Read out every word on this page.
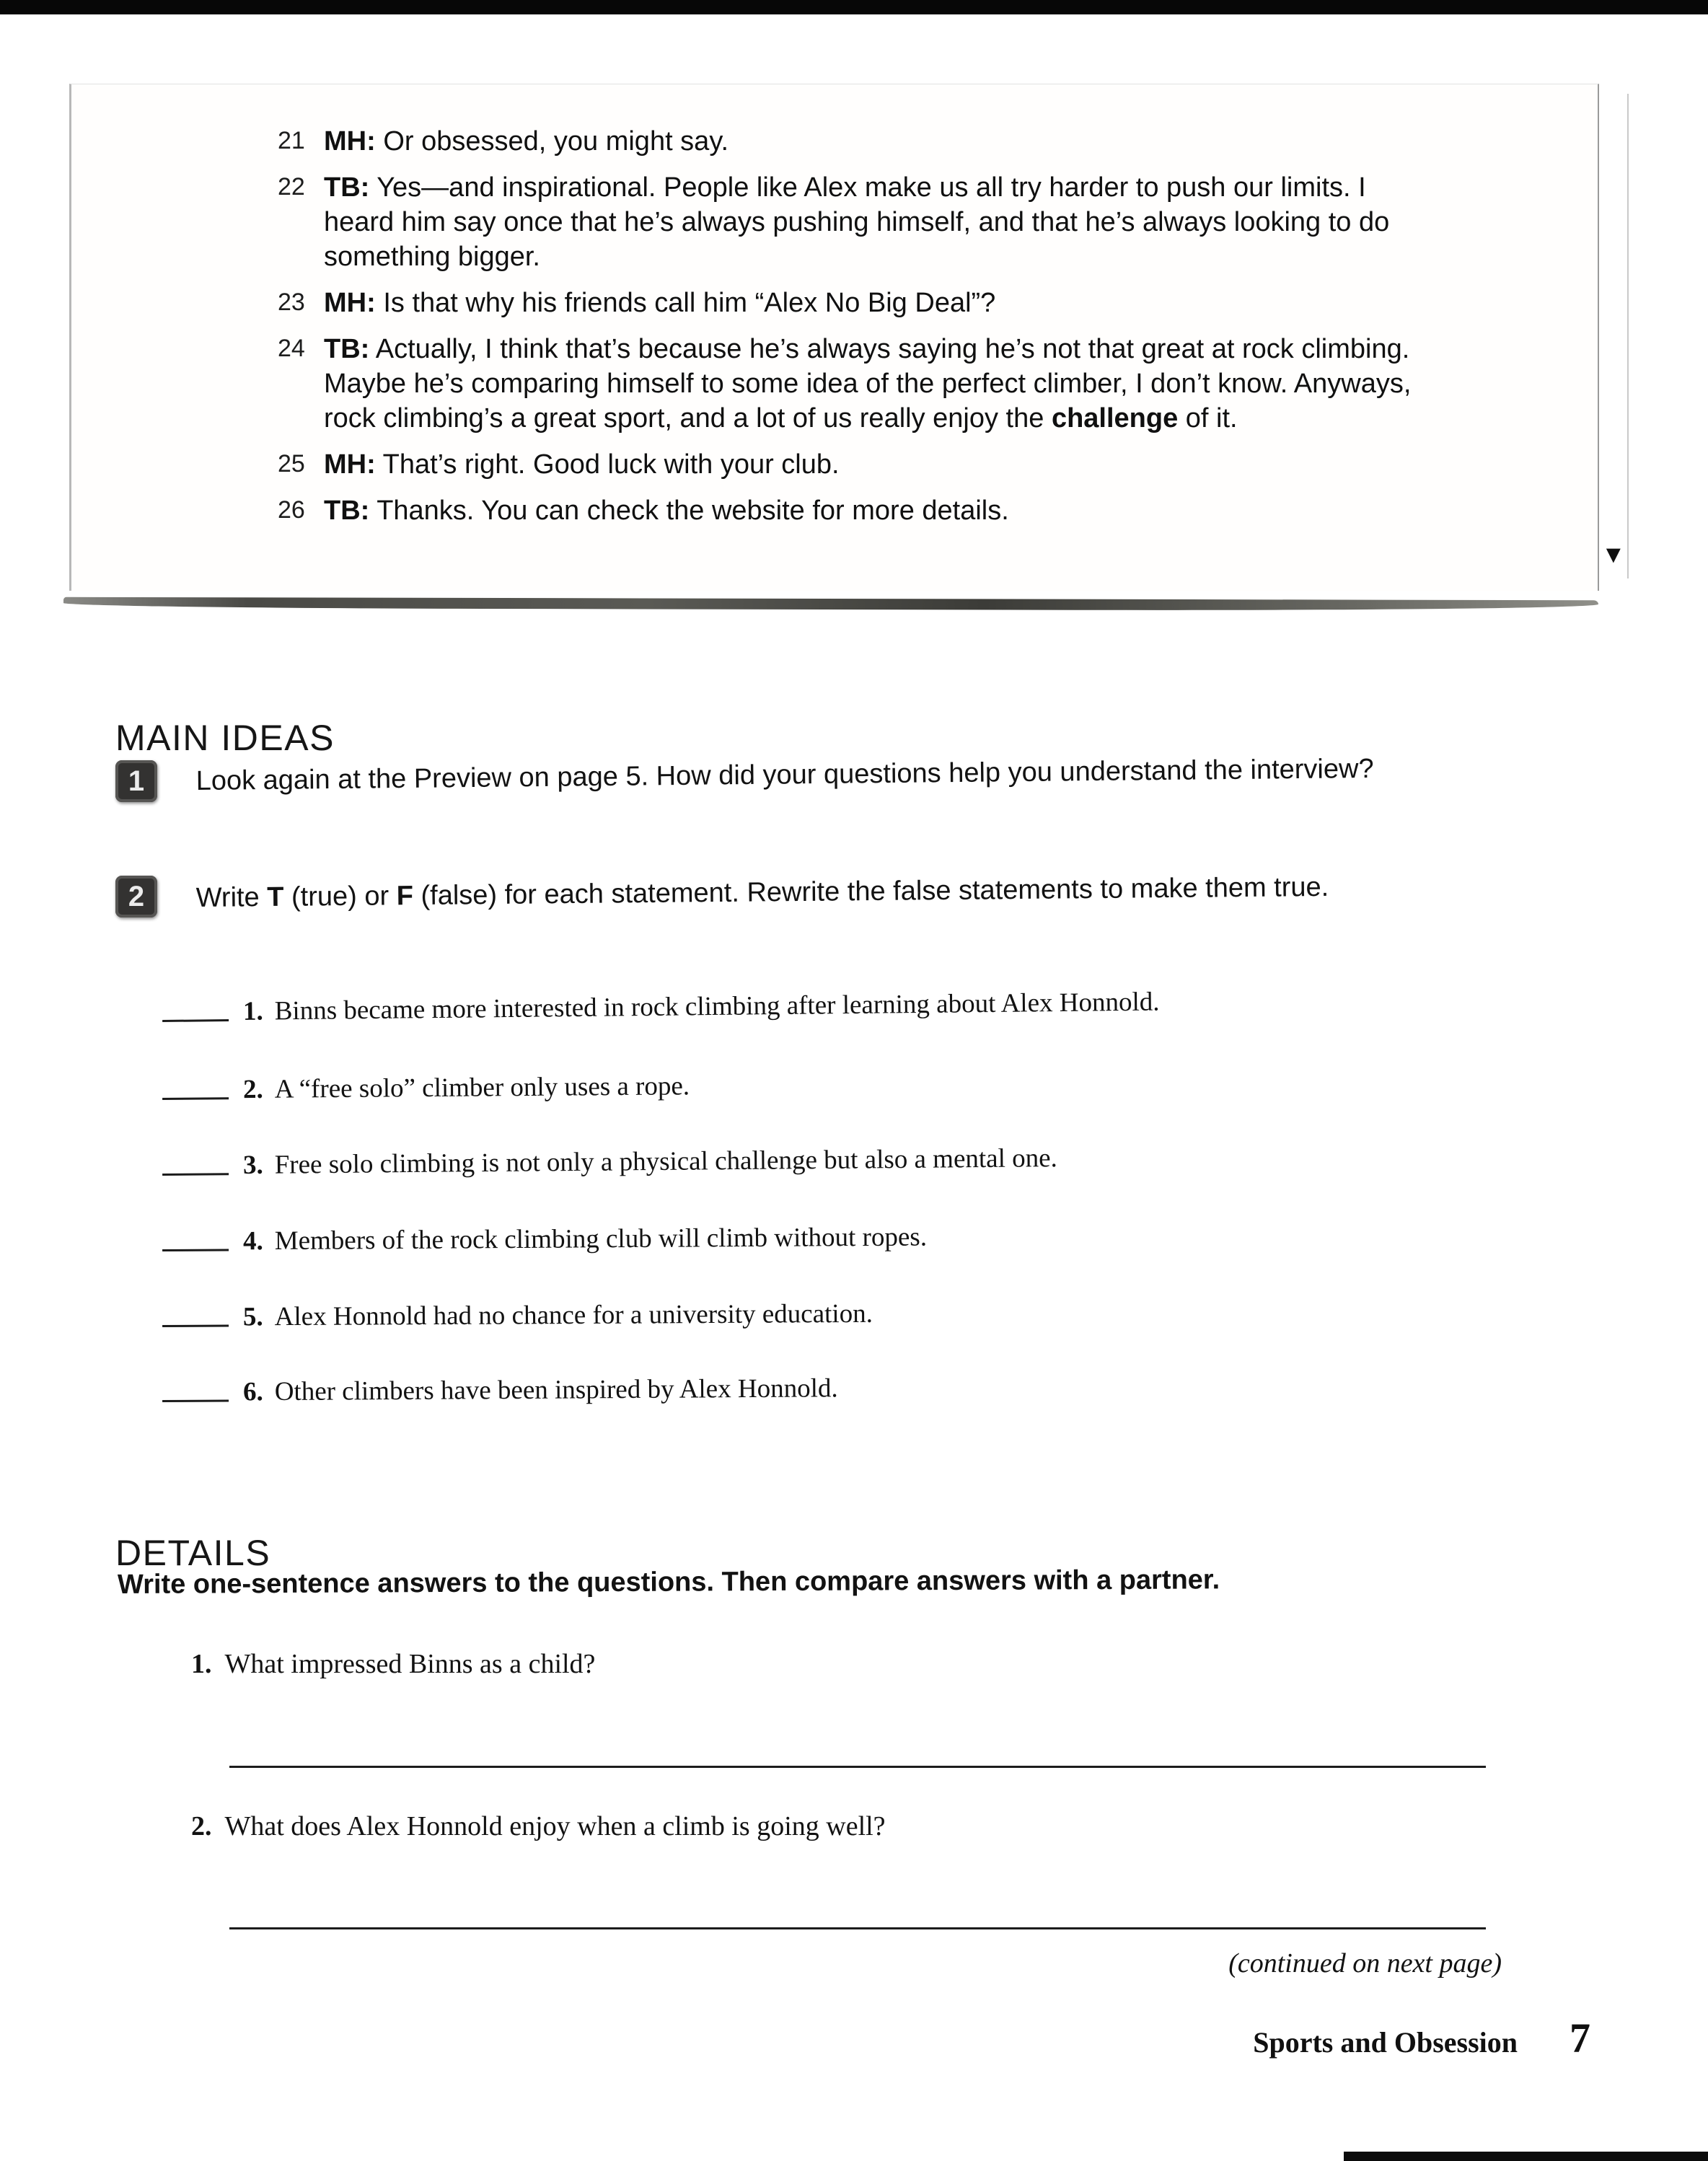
▼
21 MH: Or obsessed, you might say.
22 TB: Yes—and inspirational. People like Alex make us all try harder to push our limits. I heard him say once that he’s always pushing himself, and that he’s always looking to do something bigger.
23 MH: Is that why his friends call him “Alex No Big Deal”?
24 TB: Actually, I think that’s because he’s always saying he’s not that great at rock climbing. Maybe he’s comparing himself to some idea of the perfect climber, I don’t know. Anyways, rock climbing’s a great sport, and a lot of us really enjoy the challenge of it.
25 MH: That’s right. Good luck with your club.
26 TB: Thanks. You can check the website for more details.
MAIN IDEAS
1	Look again at the Preview on page 5. How did your questions help you understand the interview?
2	Write T (true) or F (false) for each statement. Rewrite the false statements to make them true.
1. Binns became more interested in rock climbing after learning about Alex Honnold.
2. A “free solo” climber only uses a rope.
3. Free solo climbing is not only a physical challenge but also a mental one.
4. Members of the rock climbing club will climb without ropes.
5. Alex Honnold had no chance for a university education.
6. Other climbers have been inspired by Alex Honnold.
DETAILS
Write one-sentence answers to the questions. Then compare answers with a partner.
1. What impressed Binns as a child?
2. What does Alex Honnold enjoy when a climb is going well?
(continued on next page)
Sports and Obsession 7
